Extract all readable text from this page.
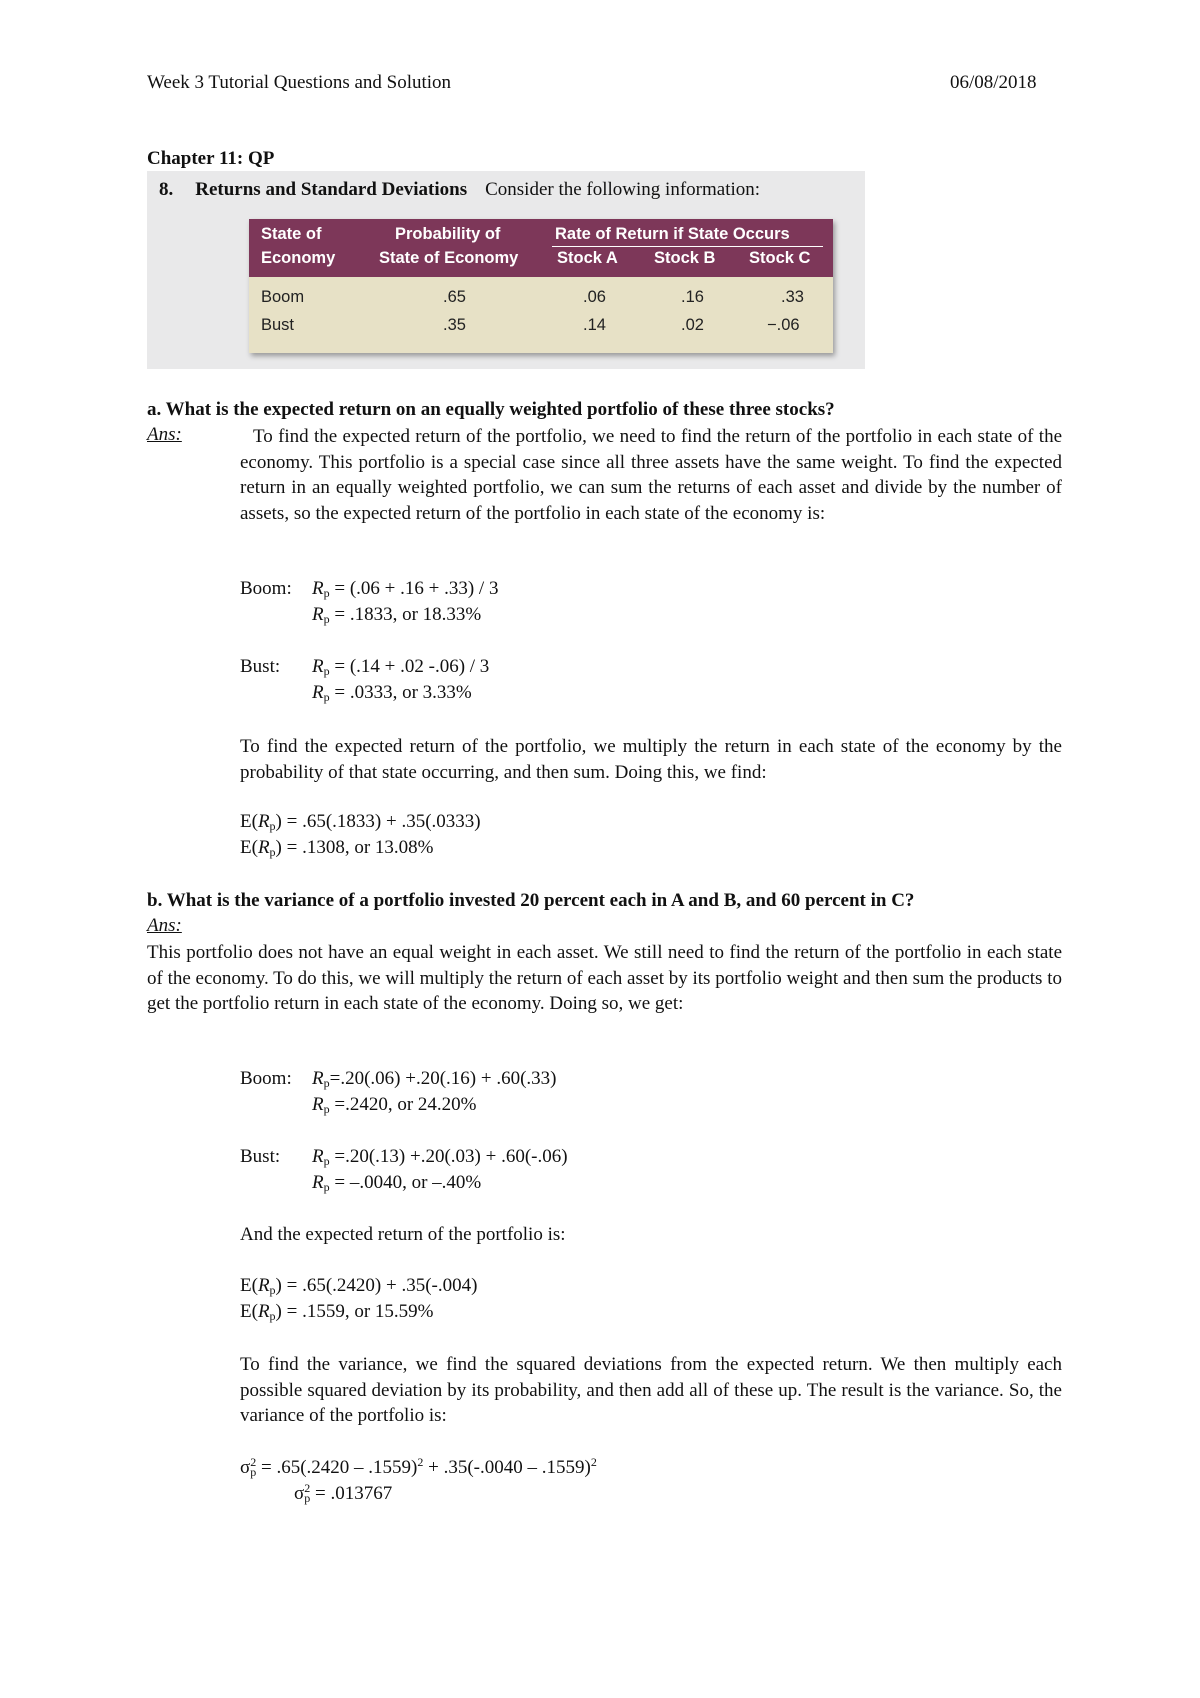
Week 3 Tutorial Questions and Solution	06/08/2018
Chapter 11: QP
8. Returns and Standard Deviations Consider the following information:
State of
Economy
Probability of
State of Economy
Rate of Return if State Occurs
Stock A Stock B Stock C
Boom	.65	.06	.16	.33
Bust	.35	.14	.02	−.06
a. What is the expected return on an equally weighted portfolio of these three stocks?
Ans:	To find the expected return of the portfolio, we need to find the return of the portfolio in each state of the economy. This portfolio is a special case since all three assets have the same weight. To find the expected return in an equally weighted portfolio, we can sum the returns of each asset and divide by the number of assets, so the expected return of the portfolio in each state of the economy is:
Boom: $R_p = (.06 + .16 + .33) / 3$
$R_p = .1833$, or 18.33%
Bust: $R_p = (.14 + .02$ -.06) / 3
$R_p = .0333$, or 3.33%
To find the expected return of the portfolio, we multiply the return in each state of the economy by the probability of that state occurring, and then sum. Doing this, we find:
$E(R_p) = .65(.1833) + .35(.0333)$
$E(R_p) = .1308$, or 13.08%
b. What is the variance of a portfolio invested 20 percent each in A and B, and 60 percent in C?
Ans:
This portfolio does not have an equal weight in each asset. We still need to find the return of the portfolio in each state of the economy. To do this, we will multiply the return of each asset by its portfolio weight and then sum the products to get the portfolio return in each state of the economy. Doing so, we get:
Boom: $R_p=.20(.06) +.20(.16) + .60(.33)$
$R_p =.2420$, or 24.20%
Bust: $R_p =.20(.13) +.20(.03) + .60(-.06)$
$R_p = -.0040$, or –.40%
And the expected return of the portfolio is:
$E(R_p) = .65(.2420) + .35(-.004)$
$E(R_p) = .1559$, or 15.59%
To find the variance, we find the squared deviations from the expected return. We then multiply each possible squared deviation by its probability, and then add all of these up. The result is the variance. So, the variance of the portfolio is:
$\sigma_p^2 = .65(.2420 - .1559)^2 + .35(-.0040 - .1559)^2$
$\sigma_p^2 = .013767$
